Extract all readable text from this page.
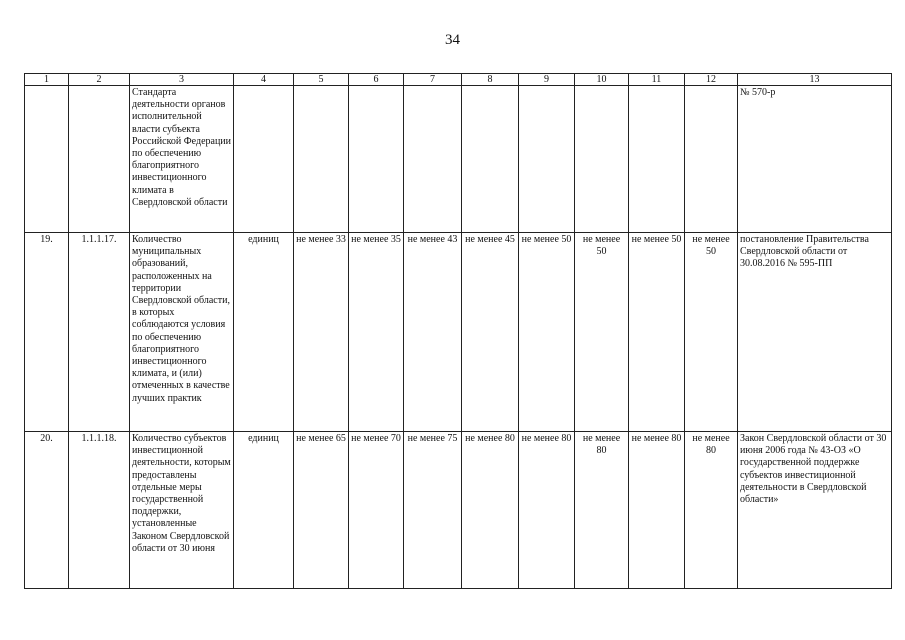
34
1	2	3	4	5	6	7	8	9	10	11	12	13
		Стандарта деятельности органов исполнительной власти субъекта Российской Федерации по обеспечению благоприятного инвестиционного климата в Свердловской области										№ 570-р
19.	1.1.1.17.	Количество муниципальных образований, расположенных на территории Свердловской области, в которых соблюдаются условия по обеспечению благоприятного инвестиционного климата, и (или) отмеченных в качестве лучших практик	единиц	не менее 33	не менее 35	не менее 43	не менее 45	не менее 50	не менее 50	не менее 50	не менее 50	постановление Правительства Свердловской области от 30.08.2016 № 595-ПП
20.	1.1.1.18.	Количество субъектов инвестиционной деятельности, которым предоставлены отдельные меры государственной поддержки, установленные Законом Свердловской области от 30 июня	единиц	не менее 65	не менее 70	не менее 75	не менее 80	не менее 80	не менее 80	не менее 80	не менее 80	Закон Свердловской области от 30 июня 2006 года № 43-ОЗ «О государственной поддержке субъектов инвестиционной деятельности в Свердловской области»
